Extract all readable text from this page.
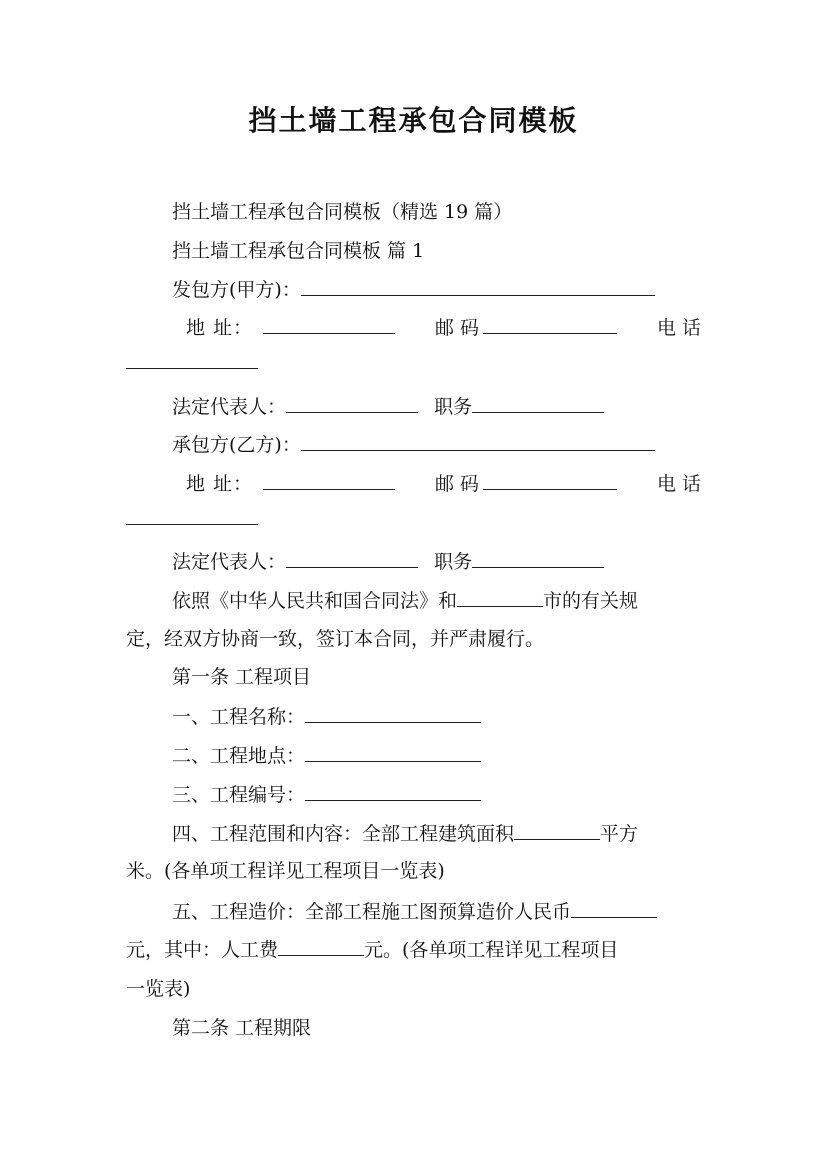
挡土墙工程承包合同模板
挡土墙工程承包合同模板（精选 19 篇）
挡土墙工程承包合同模板 篇 1
发包方(甲方)：
地 址：	邮 码	电 话
法定代表人：	职务
承包方(乙方)：
地 址：	邮 码	电 话
法定代表人：	职务
依照《中华人民共和国合同法》和	市的有关规
定，经双方协商一致，签订本合同，并严肃履行。
第一条 工程项目
一、工程名称：
二、工程地点：
三、工程编号：
四、工程范围和内容：全部工程建筑面积	平方
米。(各单项工程详见工程项目一览表)
五、工程造价：全部工程施工图预算造价人民币
元，其中：人工费	元。(各单项工程详见工程项目
一览表)
第二条 工程期限
